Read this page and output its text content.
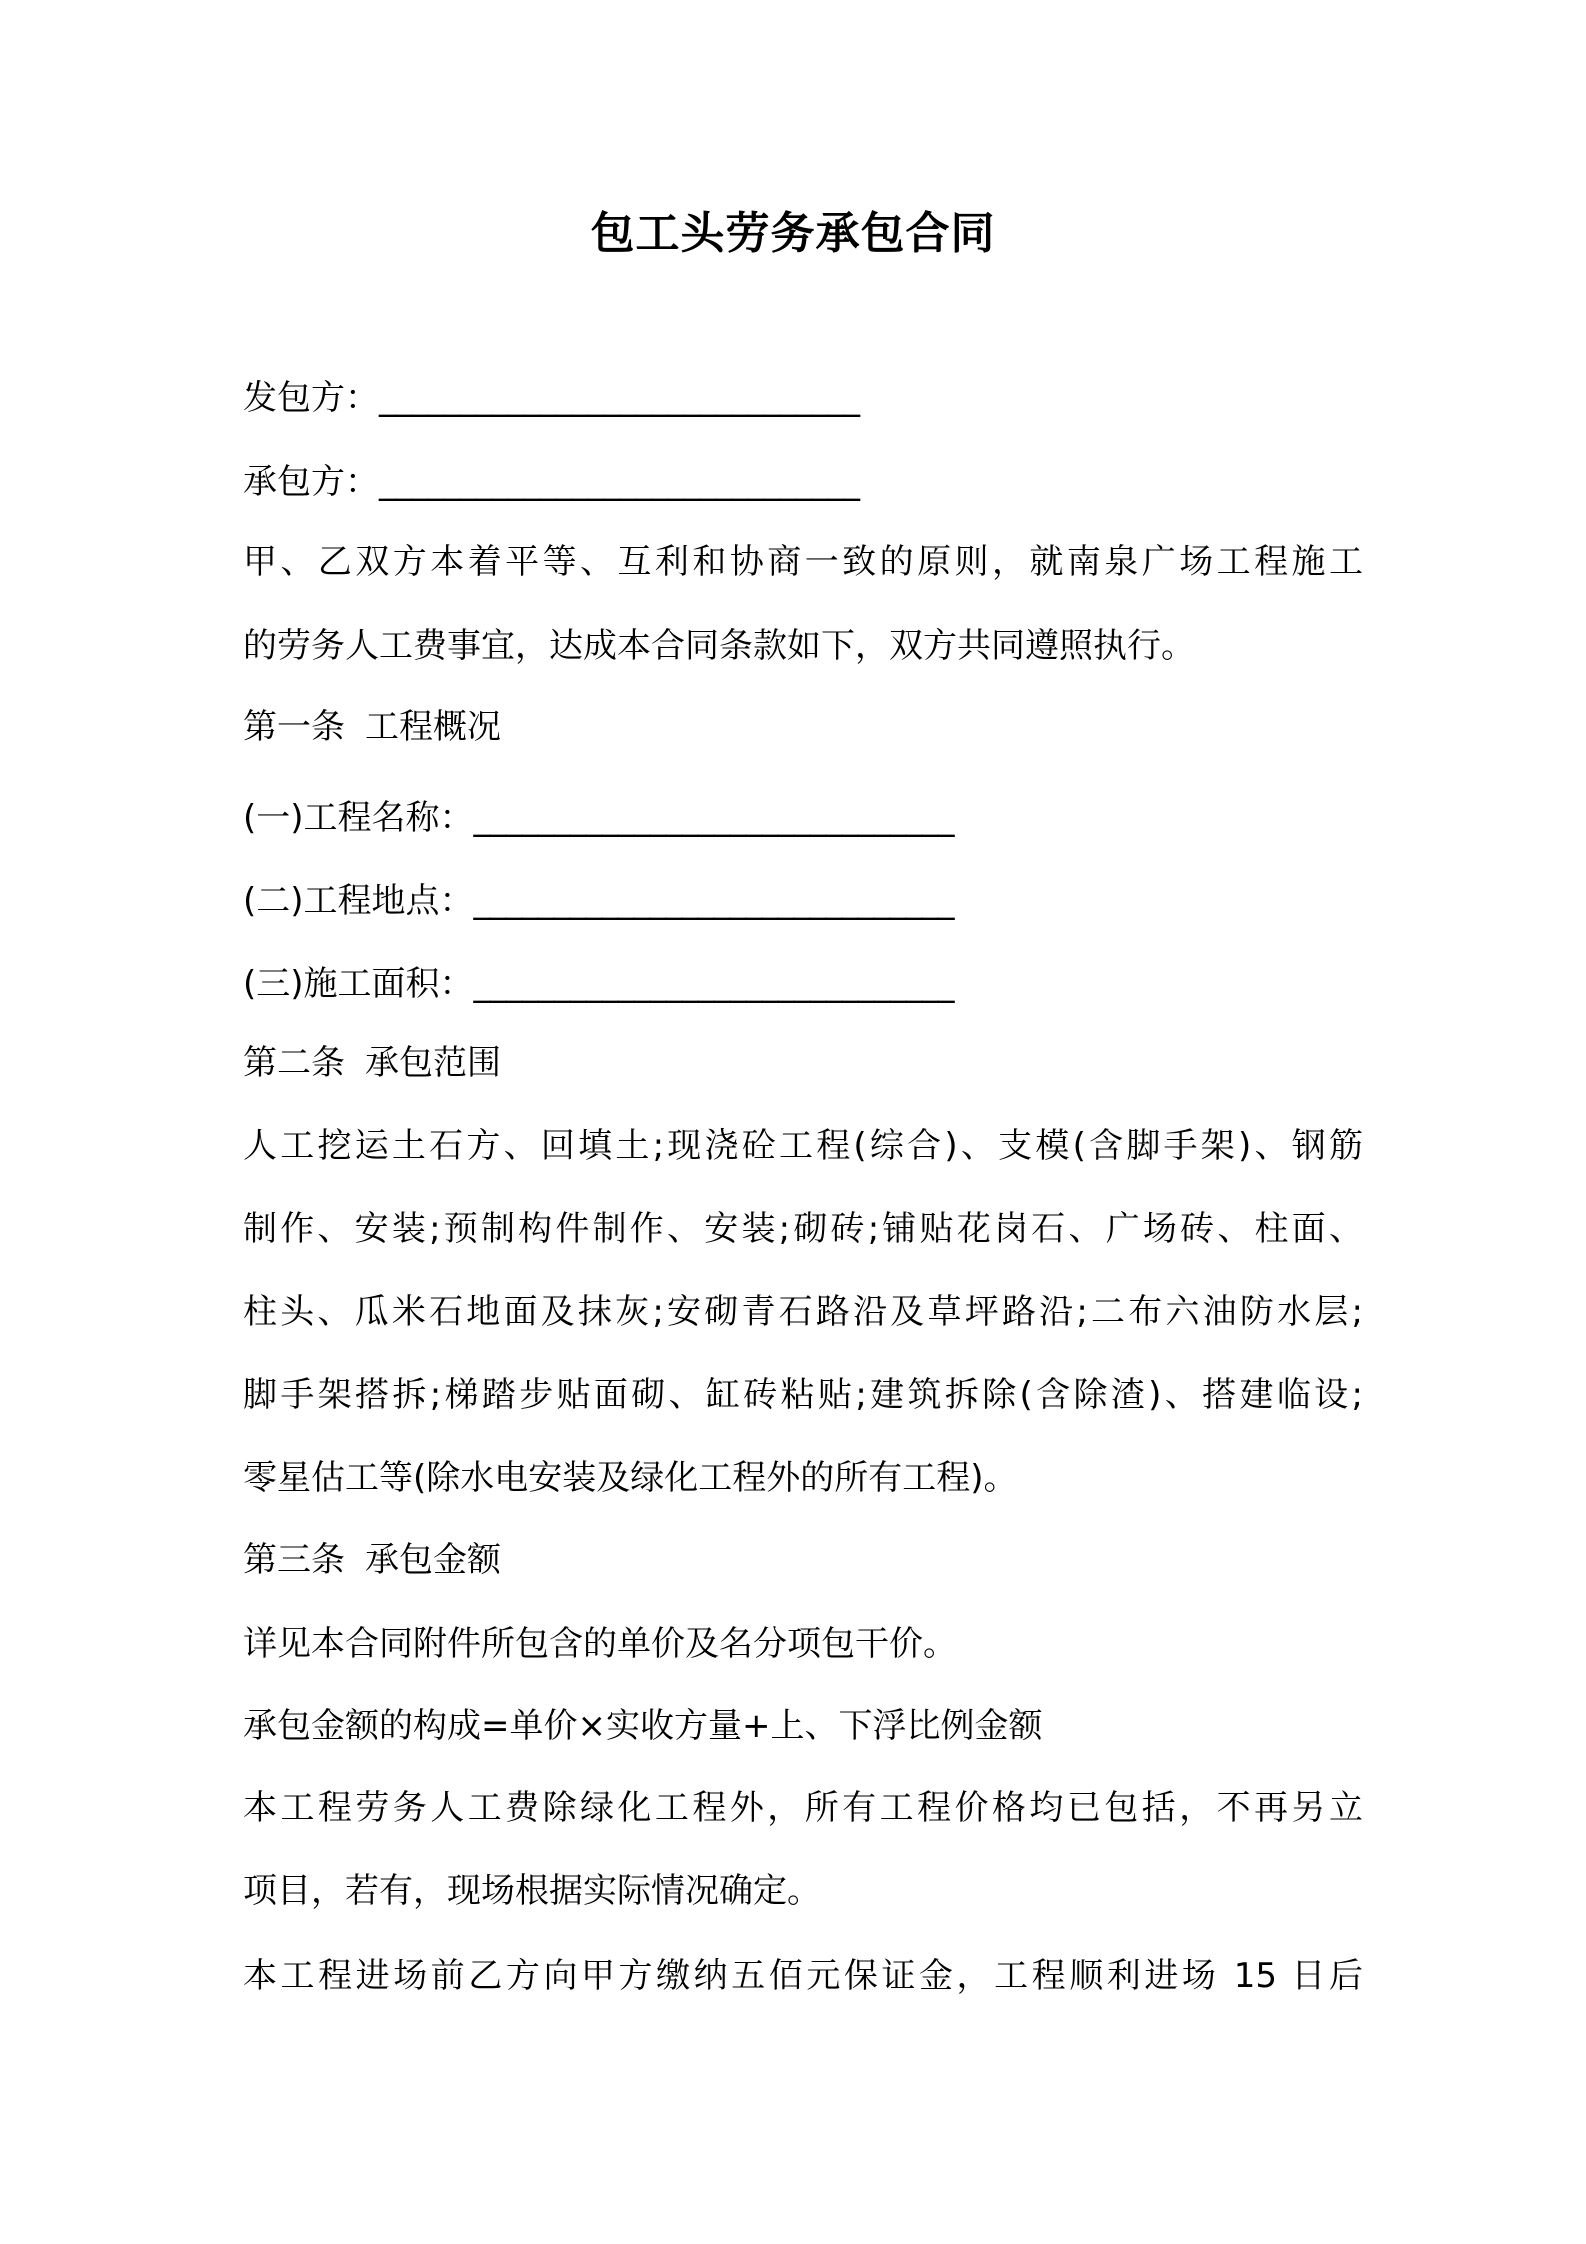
包工头劳务承包合同
发包方：______________________________
承包方：______________________________
甲、乙双方本着平等、互利和协商一致的原则，就南泉广场工程施工
的劳务人工费事宜，达成本合同条款如下，双方共同遵照执行。
第一条 工程概况
(一)工程名称：______________________________
(二)工程地点：______________________________
(三)施工面积：______________________________
第二条 承包范围
人工挖运土石方、回填土;现浇砼工程(综合)、支模(含脚手架)、钢筋
制作、安装;预制构件制作、安装;砌砖;铺贴花岗石、广场砖、柱面、
柱头、瓜米石地面及抹灰;安砌青石路沿及草坪路沿;二布六油防水层;
脚手架搭拆;梯踏步贴面砌、缸砖粘贴;建筑拆除(含除渣)、搭建临设;
零星估工等(除水电安装及绿化工程外的所有工程)。
第三条 承包金额
详见本合同附件所包含的单价及名分项包干价。
承包金额的构成=单价×实收方量+上、下浮比例金额
本工程劳务人工费除绿化工程外，所有工程价格均已包括，不再另立
项目，若有，现场根据实际情况确定。
本工程进场前乙方向甲方缴纳五佰元保证金，工程顺利进场 15 日后
